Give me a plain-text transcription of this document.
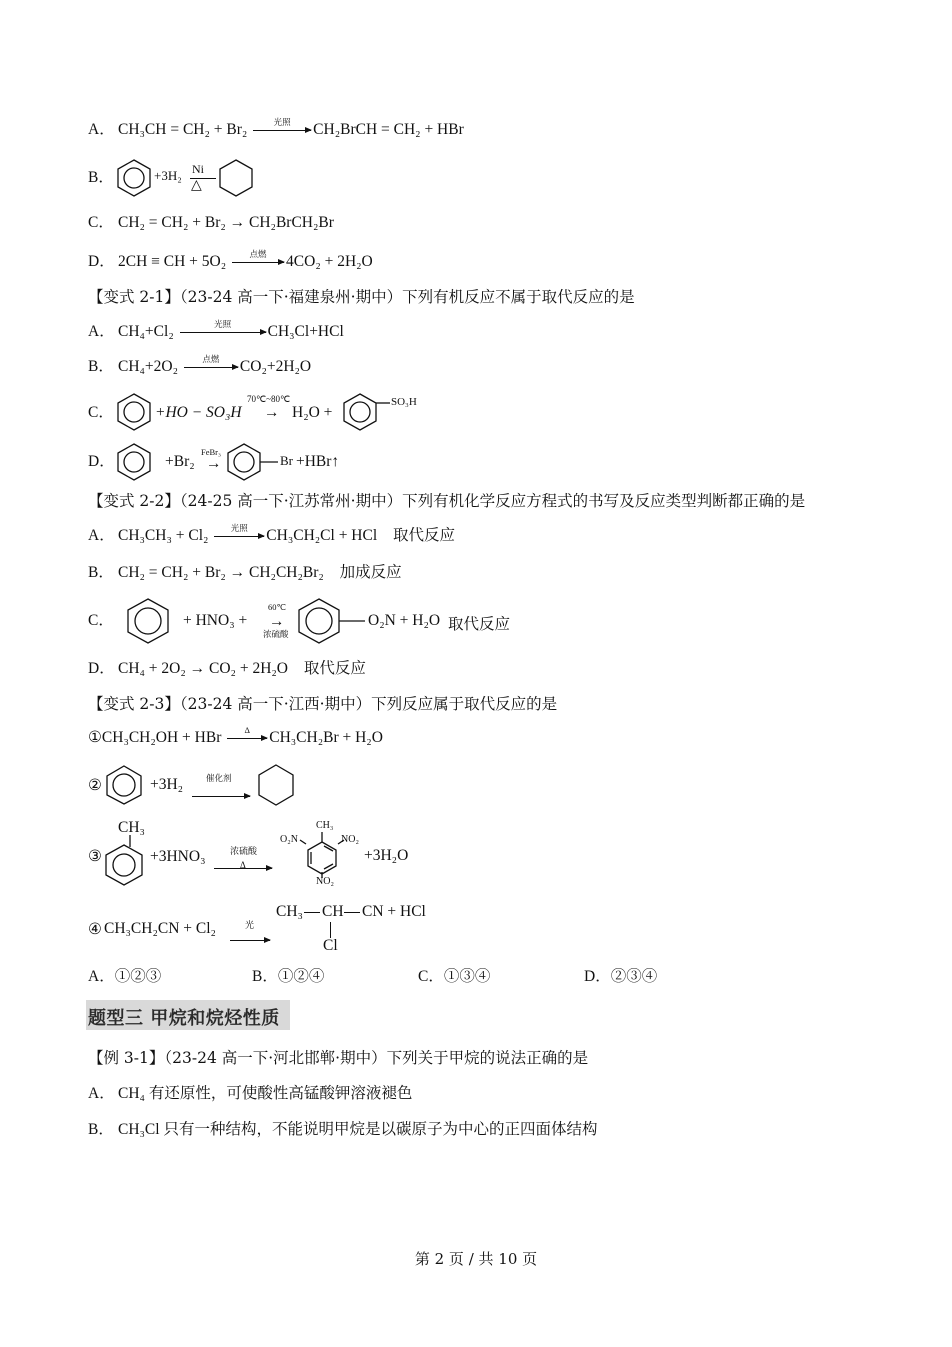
A． CH₃CH = CH₂ + Br₂	光照	CH₂BrCH = CH₂ + HBr
B．	+3H₂ Ni
△
C． CH₂ = CH₂ + Br₂ → CH₂BrCH₂Br
D． 2CH ≡ CH + 5O₂	点燃	4CO₂ + 2H₂O
【变式 2-1】（23-24 高一下·福建泉州·期中）下列有机反应不属于取代反应的是
A． CH₄+Cl₂	光照	CH₃Cl+HCl
B． CH₄+2O₂	点燃	CO₂+2H₂O
C．	+HO − SO₃H
70℃~80℃
→ H₂O +
SO₃H
D．	+Br₂
FeBr₃
→	Br +HBr↑
【变式 2-2】（24-25 高一下·江苏常州·期中）下列有机化学反应方程式的书写及反应类型判断都正确的是
A． CH₃CH₃ + Cl₂	光照	CH₃CH₂Cl + HCl 取代反应
B． CH₂ = CH₂ + Br₂ → CH₂CH₂Br₂ 加成反应
C．	+ HNO₃ +
60℃
→
浓硫酸
O₂N + H₂O 取代反应
D． CH₄ + 2O₂ → CO₂ + 2H₂O 取代反应
【变式 2-3】（23-24 高一下·江西·期中）下列反应属于取代反应的是
①CH₃CH₂OH + HBr	Δ	CH₃CH₂Br + H₂O
②	+3H₂	催化剂
③
CH₃
+3HNO₃	浓硫酸
Δ
CH₃
O₂N	NO₂
NO₂
+3H₂O
④ CH₃CH₂CN + Cl₂	光
CH₃ CH CN + HCl
Cl
A．①②③	B．①②④	C．①③④	D．②③④
题型三 甲烷和烷烃性质
【例 3-1】（23-24 高一下·河北邯郸·期中）下列关于甲烷的说法正确的是
A． CH₄ 有还原性，可使酸性高锰酸钾溶液褪色
B． CH₃Cl 只有一种结构，不能说明甲烷是以碳原子为中心的正四面体结构
第 2 页 / 共 10 页
